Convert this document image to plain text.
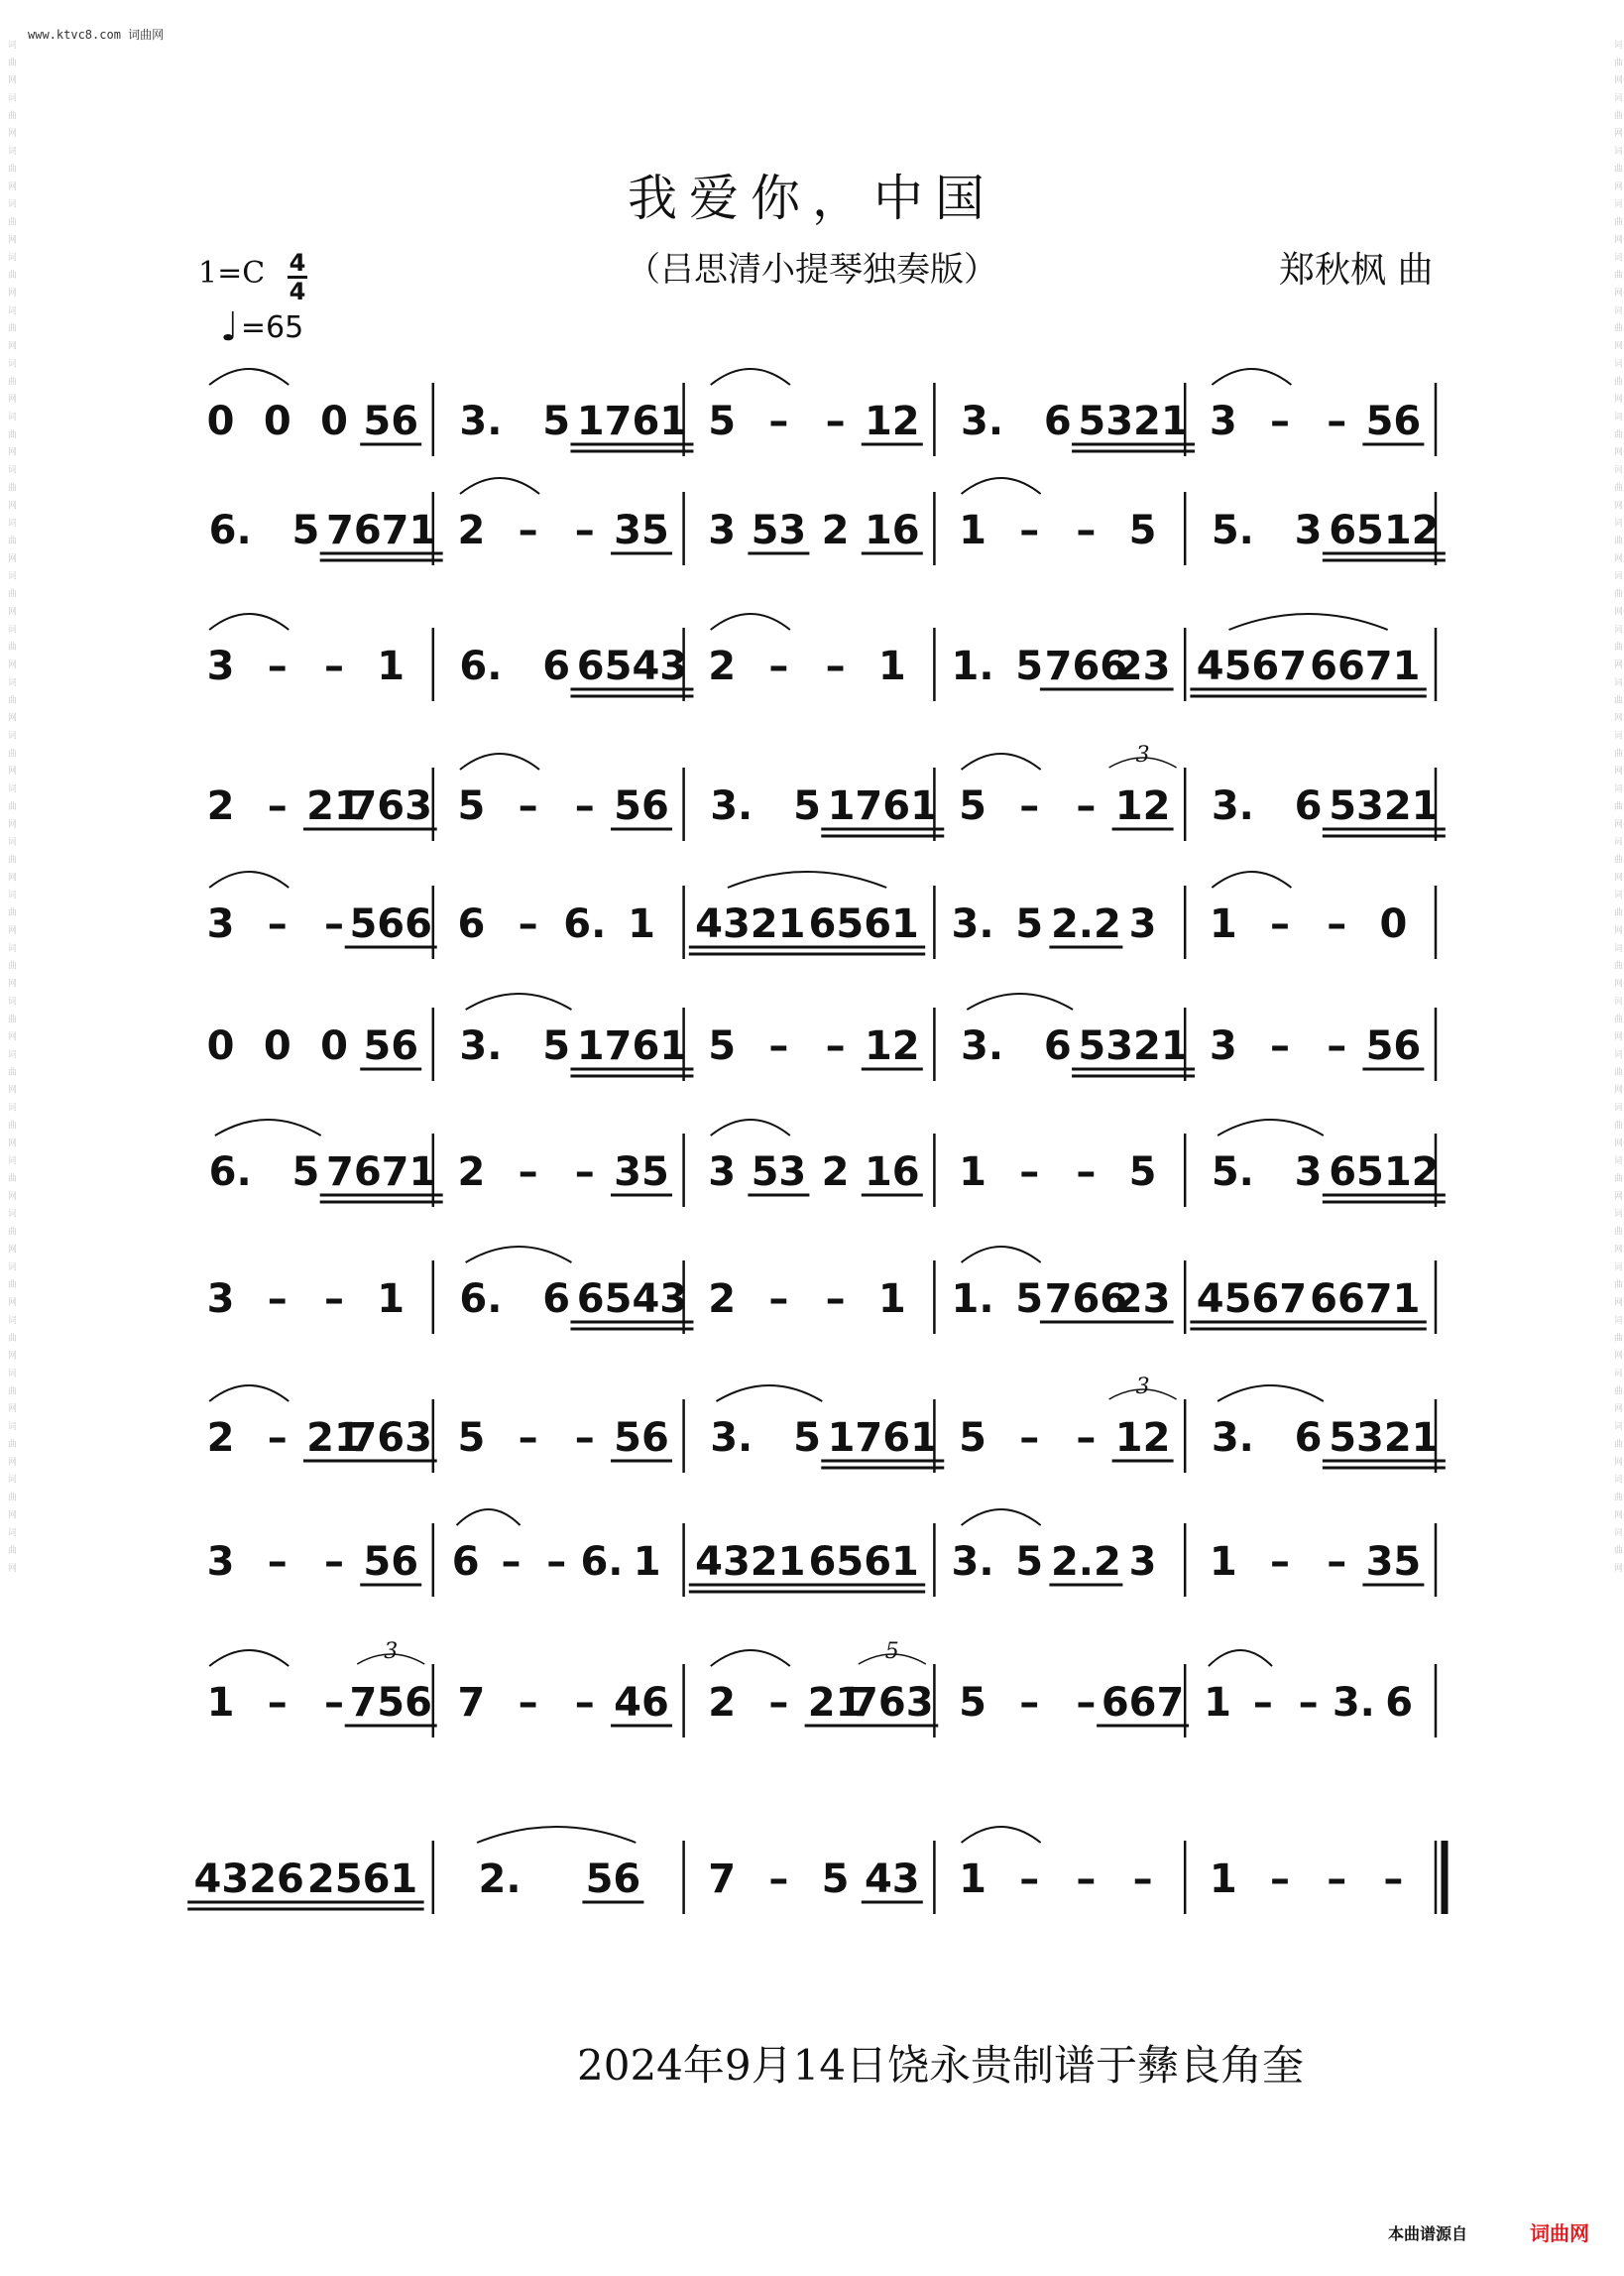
词 曲 网 词 曲 网 词 曲 网 词 曲 网 词 曲 网 词 曲 网 词 曲 网 词 曲 网 词 曲 网 词 曲 网 词 曲 网 词 曲 网 词 曲 网 词 曲 网 词 曲 网 词 曲 网 词 曲 网 词 曲 网 词 曲 网 词 曲 网 词 曲 网 词 曲 网 词 曲 网 词 曲 网 词 曲 网 词 曲 网 词 曲 网 词 曲 网 词 曲 网	词 曲 网 词 曲 网 词 曲 网 词 曲 网 词 曲 网 词 曲 网 词 曲 网 词 曲 网 词 曲 网 词 曲 网 词 曲 网 词 曲 网 词 曲 网 词 曲 网 词 曲 网 词 曲 网 词 曲 网 词 曲 网 词 曲 网 词 曲 网 词 曲 网 词 曲 网 词 曲 网 词 曲 网 词 曲 网 词 曲 网 词 曲 网 词 曲 网 词 曲 网
www.ktvc8.com 词曲网
我爱你，中国
（吕思清小提琴独奏版）	郑秋枫 曲
1=C 4
4
♩ =65
0 0 0 56 3. 5 1761 5 – – 12 3. 6 5321 3 – – 56
6. 5 7671 2 – – 35 3 53 2 16 1 – – 5 5. 3 6512
3 – – 1 6. 6 6543 2 – – 1 1. 5 766
23 4567 6671
2 – 21
763 5 – – 56 3. 5 1761 5 – – 12
3
3. 6 5321
3 – – 566 6 – 6. 1 4321 6561 3. 5 2.2 3 1 – – 0
0 0 0 56 3. 5 1761 5 – – 12 3. 6 5321 3 – – 56
6. 5 7671 2 – – 35 3 53 2 16 1 – – 5 5. 3 6512
3 – – 1 6. 6 6543 2 – – 1 1. 5 766
23 4567 6671
2 – 21
763 5 – – 56 3. 5 1761 5 – – 12
3
3. 6 5321
3 – – 56 6 – – 6. 1 4321 6561 3. 5 2.2 3 1 – – 35
1 – – 756
3
7 – – 46 2 – 21
763
5
5 – – 667 1 – – 3. 6
4326 2561 2. 56 7 – 5 43 1 – – – 1 – – –
2024年9月14日饶永贵制谱于彝良角奎
本曲谱源自	词曲网
